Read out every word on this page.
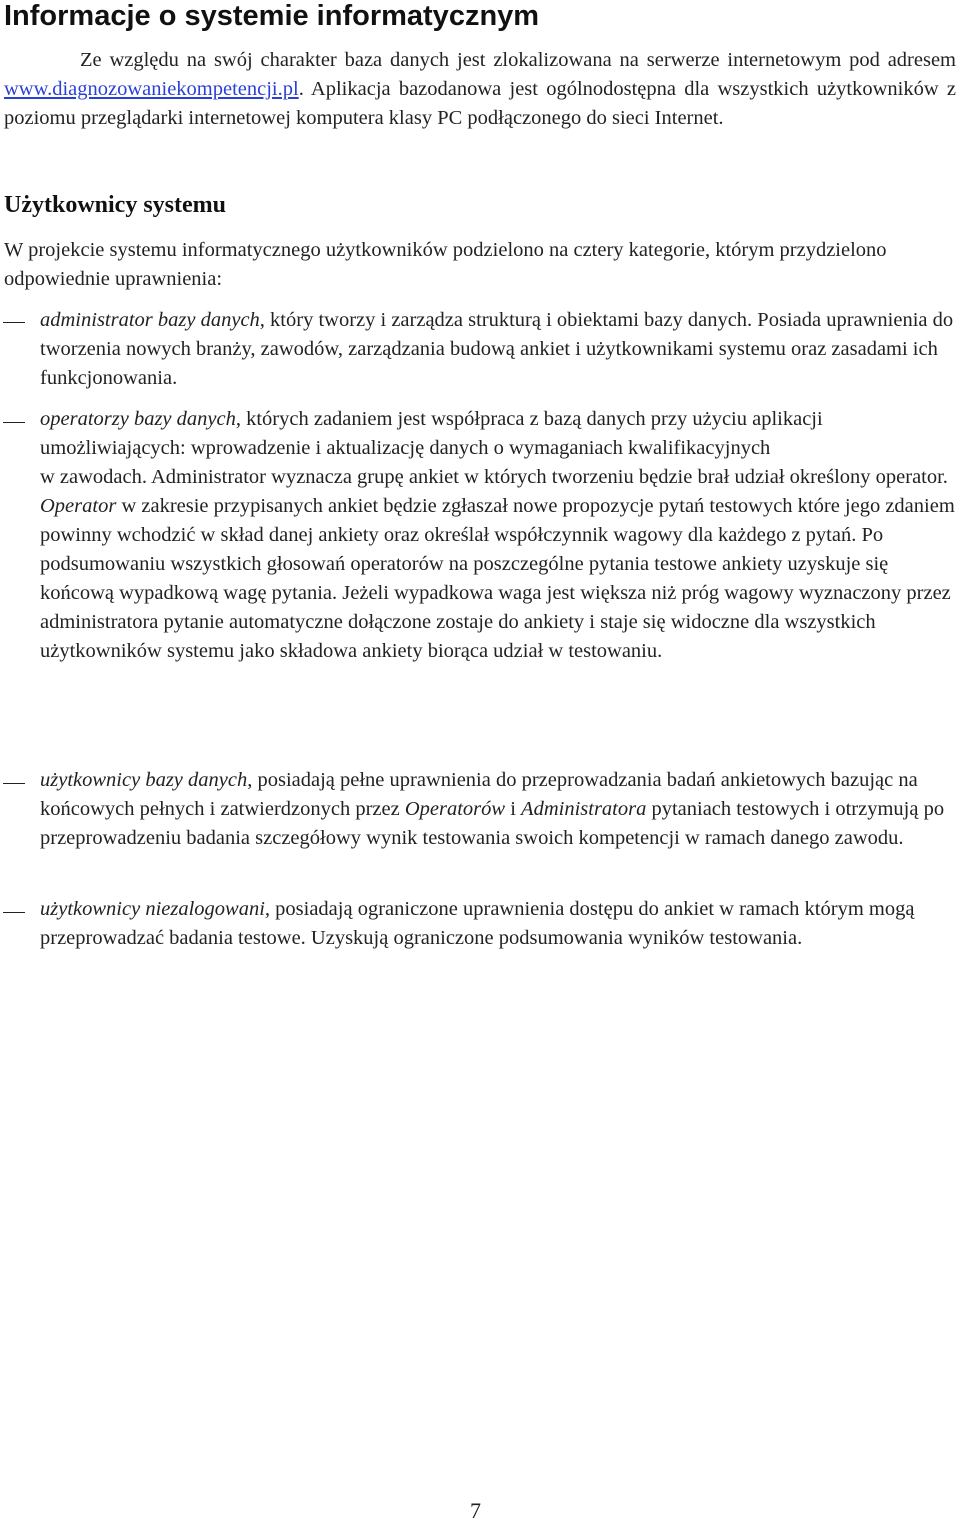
Informacje o systemie informatycznym

Ze względu na swój charakter baza danych jest zlokalizowana na serwerze internetowym pod adresem www.diagnozowaniekompetencji.pl. Aplikacja bazodanowa jest ogólnodostępna dla wszystkich użytkowników z poziomu przeglądarki internetowej komputera klasy PC podłączonego do sieci Internet.

Użytkownicy systemu

W projekcie systemu informatycznego użytkowników podzielono na cztery kategorie, którym przydzielono odpowiednie uprawnienia:

administrator bazy danych, który tworzy i zarządza strukturą i obiektami bazy danych. Posiada uprawnienia do tworzenia nowych branży, zawodów, zarządzania budową ankiet i użytkownikami systemu oraz zasadami ich funkcjonowania.

operatorzy bazy danych, których zadaniem jest współpraca z bazą danych przy użyciu aplikacji umożliwiających: wprowadzenie i aktualizację danych o wymaganiach kwalifikacyjnych
w zawodach. Administrator wyznacza grupę ankiet w których tworzeniu będzie brał udział określony operator. Operator w zakresie przypisanych ankiet będzie zgłaszał nowe propozycje pytań testowych które jego zdaniem powinny wchodzić w skład danej ankiety oraz określał współczynnik wagowy dla każdego z pytań. Po podsumowaniu wszystkich głosowań operatorów na poszczególne pytania testowe ankiety uzyskuje się końcową wypadkową wagę pytania. Jeżeli wypadkowa waga jest większa niż próg wagowy wyznaczony przez administratora pytanie automatyczne dołączone zostaje do ankiety i staje się widoczne dla wszystkich użytkowników systemu jako składowa ankiety biorąca udział w testowaniu.

użytkownicy bazy danych, posiadają pełne uprawnienia do przeprowadzania badań ankietowych bazując na końcowych pełnych i zatwierdzonych przez Operatorów i Administratora pytaniach testowych i otrzymują po przeprowadzeniu badania szczegółowy wynik testowania swoich kompetencji w ramach danego zawodu.

użytkownicy niezalogowani, posiadają ograniczone uprawnienia dostępu do ankiet w ramach którym mogą przeprowadzać badania testowe. Uzyskują ograniczone podsumowania wyników testowania.

7
